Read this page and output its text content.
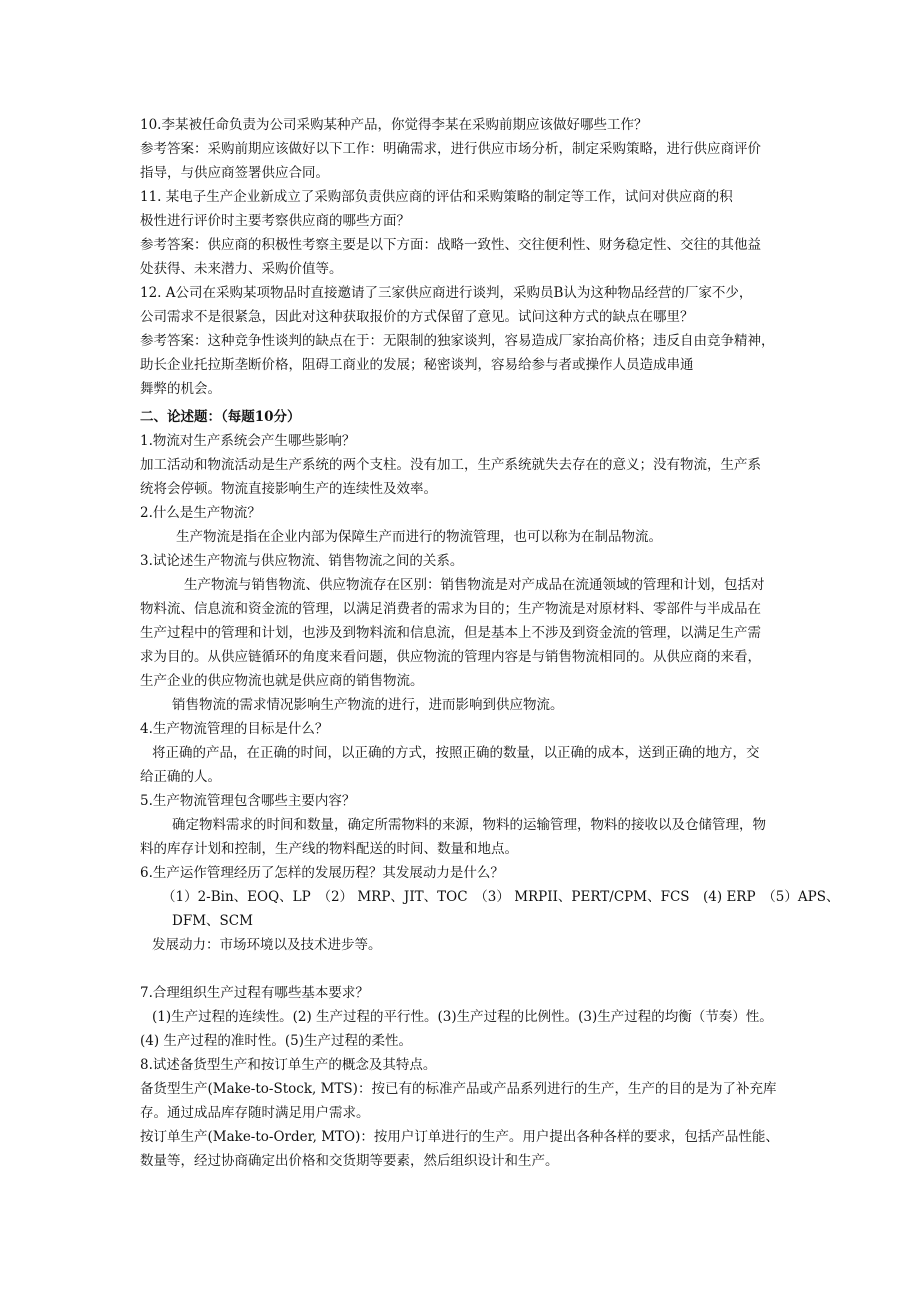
10.李某被任命负责为公司采购某种产品，你觉得李某在采购前期应该做好哪些工作？
参考答案：采购前期应该做好以下工作：明确需求，进行供应市场分析，制定采购策略，进行供应商评价
指导，与供应商签署供应合同。
11. 某电子生产企业新成立了采购部负责供应商的评估和采购策略的制定等工作，试问对供应商的积
极性进行评价时主要考察供应商的哪些方面？
参考答案：供应商的积极性考察主要是以下方面：战略一致性、交往便利性、财务稳定性、交往的其他益
处获得、未来潜力、采购价值等。
12. A公司在采购某项物品时直接邀请了三家供应商进行谈判，采购员B认为这种物品经营的厂家不少，
公司需求不是很紧急，因此对这种获取报价的方式保留了意见。试问这种方式的缺点在哪里？
参考答案：这种竞争性谈判的缺点在于：无限制的独家谈判，容易造成厂家抬高价格；违反自由竞争精神，
助长企业托拉斯垄断价格，阻碍工商业的发展；秘密谈判，容易给参与者或操作人员造成串通
舞弊的机会。
二、论述题：（每题10分）
1.物流对生产系统会产生哪些影响？
加工活动和物流活动是生产系统的两个支柱。没有加工，生产系统就失去存在的意义；没有物流，生产系
统将会停顿。物流直接影响生产的连续性及效率。
2.什么是生产物流？
生产物流是指在企业内部为保障生产而进行的物流管理，也可以称为在制品物流。
3.试论述生产物流与供应物流、销售物流之间的关系。
生产物流与销售物流、供应物流存在区别：销售物流是对产成品在流通领域的管理和计划，包括对
物料流、信息流和资金流的管理，以满足消费者的需求为目的；生产物流是对原材料、零部件与半成品在
生产过程中的管理和计划，也涉及到物料流和信息流，但是基本上不涉及到资金流的管理，以满足生产需
求为目的。从供应链循环的角度来看问题，供应物流的管理内容是与销售物流相同的。从供应商的来看，
生产企业的供应物流也就是供应商的销售物流。
销售物流的需求情况影响生产物流的进行，进而影响到供应物流。
4.生产物流管理的目标是什么？
将正确的产品，在正确的时间，以正确的方式，按照正确的数量，以正确的成本，送到正确的地方，交
给正确的人。
5.生产物流管理包含哪些主要内容？
确定物料需求的时间和数量，确定所需物料的来源，物料的运输管理，物料的接收以及仓储管理，物
料的库存计划和控制，生产线的物料配送的时间、数量和地点。
6.生产运作管理经历了怎样的发展历程？其发展动力是什么？
（1）2-Bin、EOQ、LP　（2） MRP、JIT、TOC　（3） MRPII、PERT/CPM、FCS　(4) ERP　（5）APS、
DFM、SCM
发展动力：市场环境以及技术进步等。
7.合理组织生产过程有哪些基本要求？
(1)生产过程的连续性。(2) 生产过程的平行性。(3)生产过程的比例性。(3)生产过程的均衡（节奏）性。
(4) 生产过程的准时性。(5)生产过程的柔性。
8.试述备货型生产和按订单生产的概念及其特点。
备货型生产(Make-to-Stock, MTS)：按已有的标准产品或产品系列进行的生产，生产的目的是为了补充库
存。通过成品库存随时满足用户需求。
按订单生产(Make-to-Order, MTO)：按用户订单进行的生产。用户提出各种各样的要求，包括产品性能、
数量等，经过协商确定出价格和交货期等要素，然后组织设计和生产。
